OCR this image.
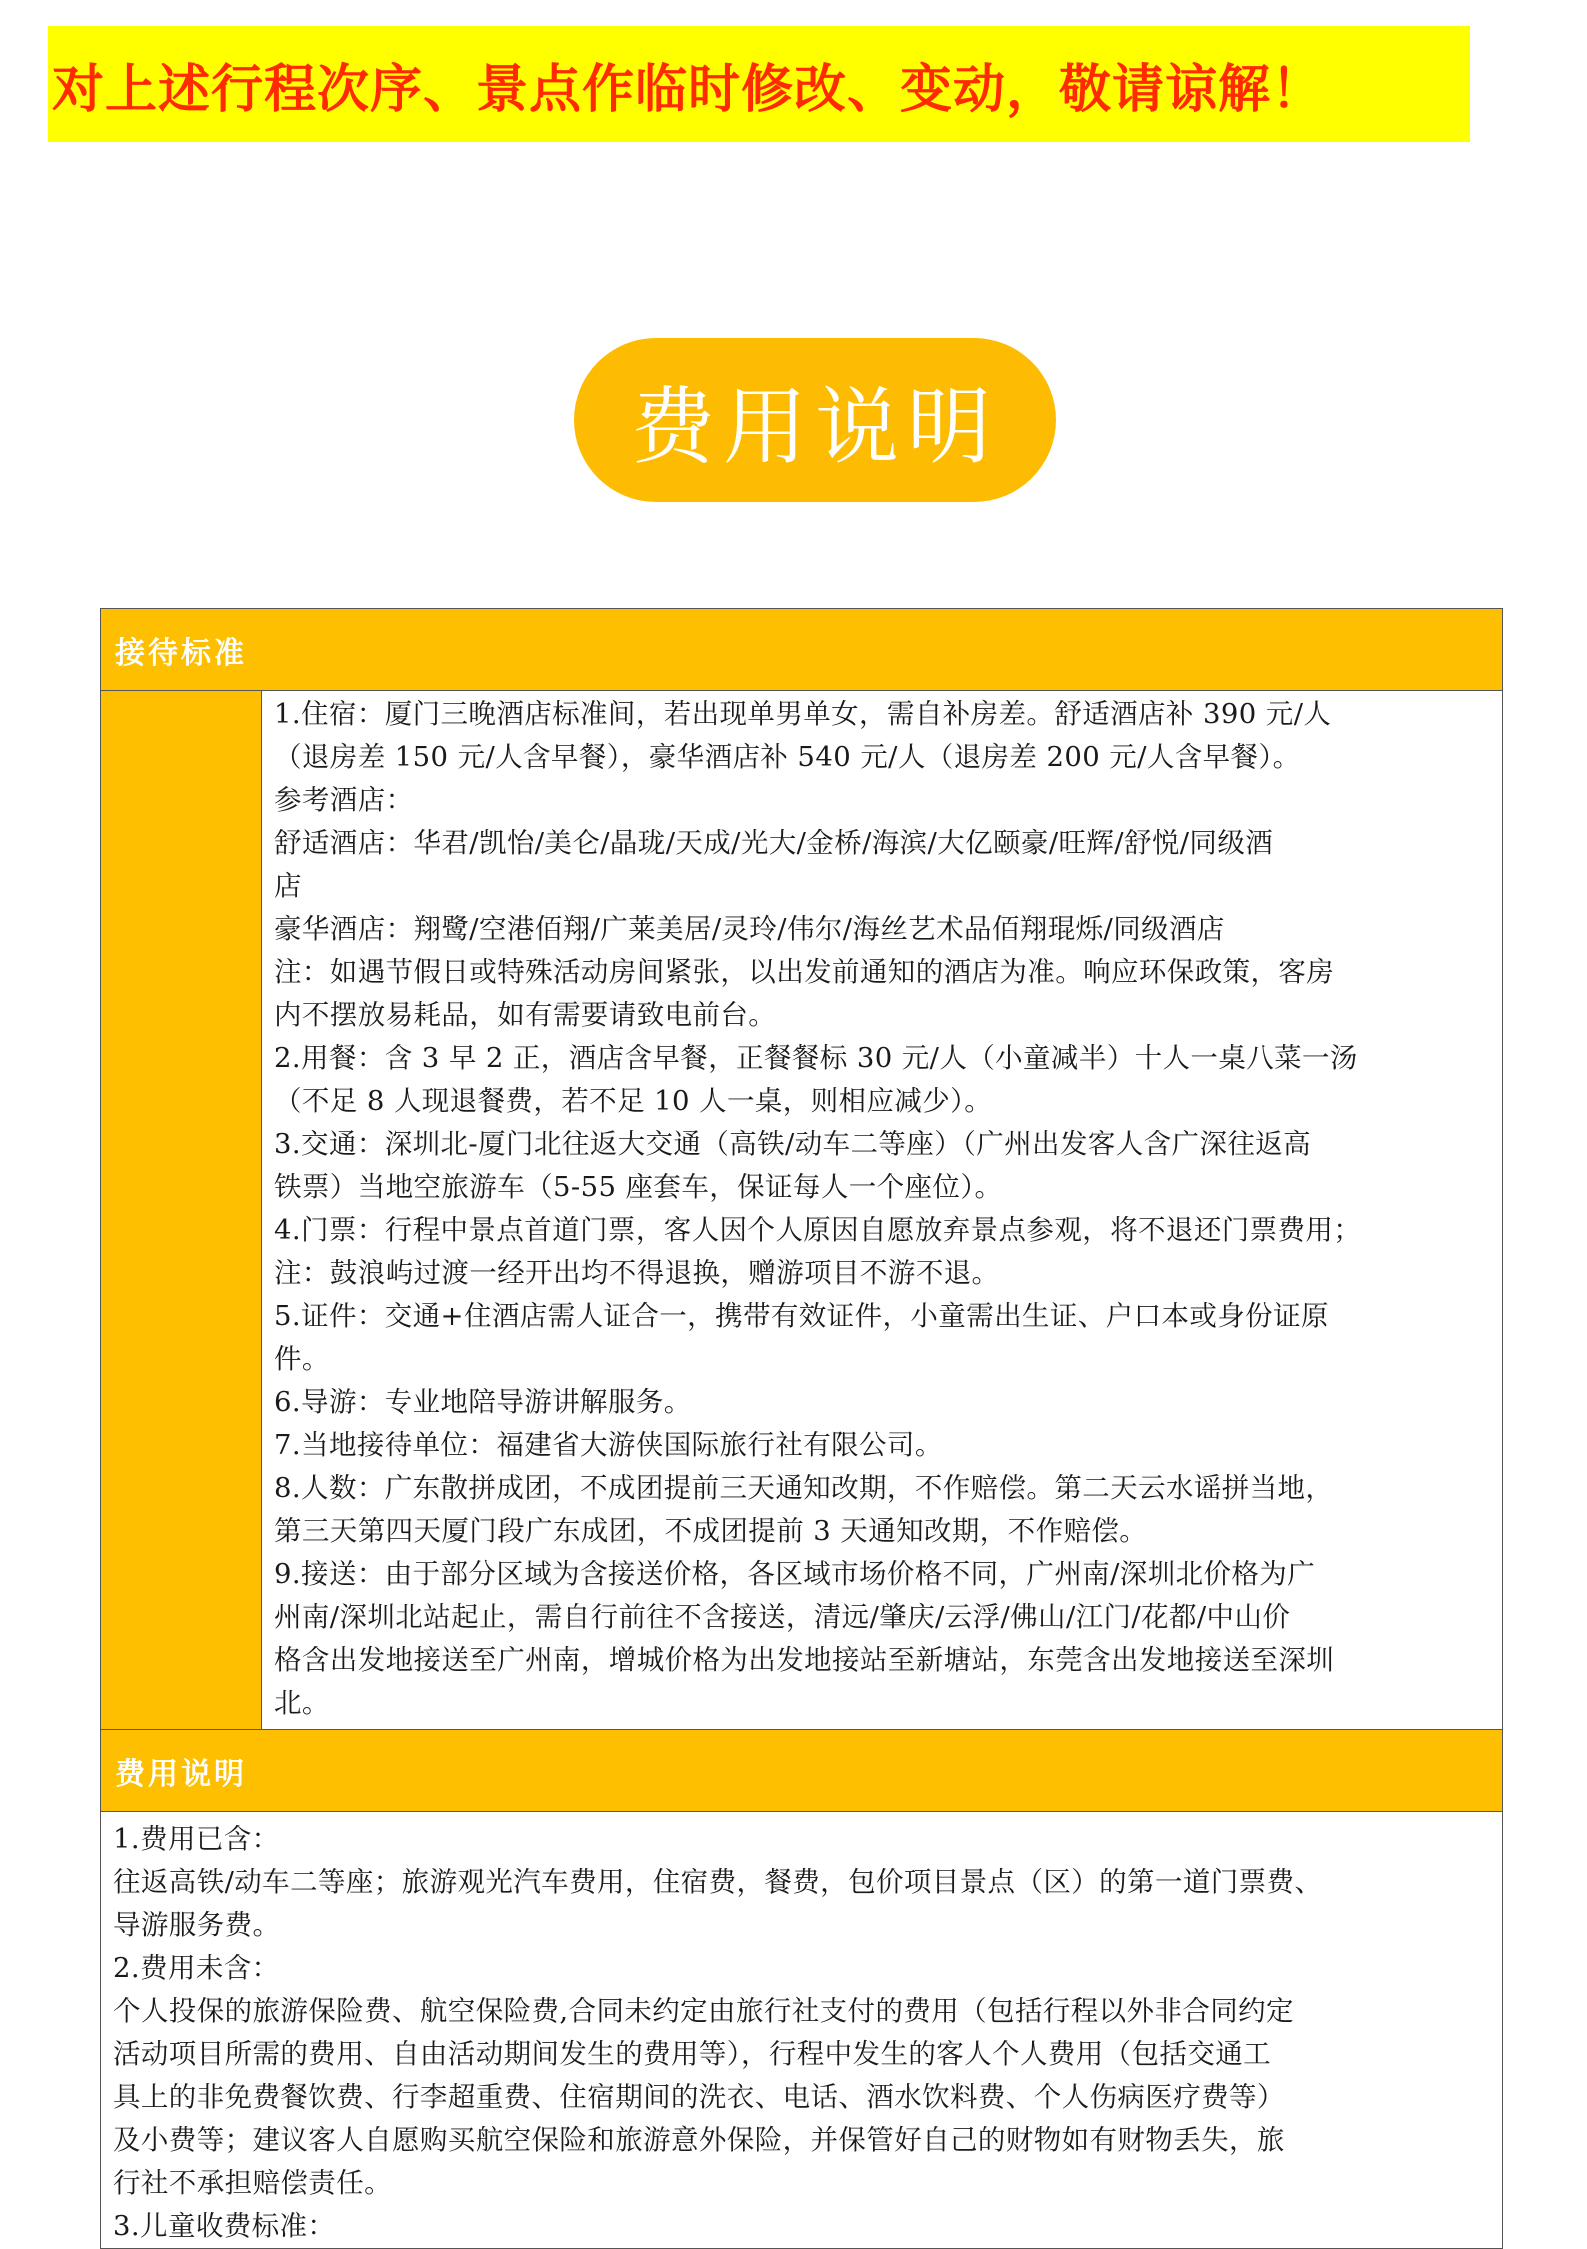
对上述行程次序、景点作临时修改、变动，敬请谅解！
费用说明
接待标准
1.住宿：厦门三晚酒店标准间，若出现单男单女，需自补房差。舒适酒店补 390 元/人
（退房差 150 元/人含早餐），豪华酒店补 540 元/人（退房差 200 元/人含早餐）。
参考酒店：
舒适酒店：华君/凯怡/美仑/晶珑/天成/光大/金桥/海滨/大亿颐豪/旺辉/舒悦/同级酒
店
豪华酒店：翔鹭/空港佰翔/广莱美居/灵玲/伟尔/海丝艺术品佰翔琨烁/同级酒店
注：如遇节假日或特殊活动房间紧张，以出发前通知的酒店为准。响应环保政策，客房
内不摆放易耗品，如有需要请致电前台。
2.用餐：含 3 早 2 正，酒店含早餐，正餐餐标 30 元/人（小童减半）十人一桌八菜一汤
（不足 8 人现退餐费，若不足 10 人一桌，则相应减少）。
3.交通：深圳北-厦门北往返大交通（高铁/动车二等座）（广州出发客人含广深往返高
铁票）当地空旅游车（5-55 座套车，保证每人一个座位）。
4.门票：行程中景点首道门票，客人因个人原因自愿放弃景点参观，将不退还门票费用；
注：鼓浪屿过渡一经开出均不得退换，赠游项目不游不退。
5.证件：交通+住酒店需人证合一，携带有效证件，小童需出生证、户口本或身份证原
件。
6.导游：专业地陪导游讲解服务。
7.当地接待单位：福建省大游侠国际旅行社有限公司。
8.人数：广东散拼成团，不成团提前三天通知改期，不作赔偿。第二天云水谣拼当地，
第三天第四天厦门段广东成团，不成团提前 3 天通知改期，不作赔偿。
9.接送：由于部分区域为含接送价格，各区域市场价格不同，广州南/深圳北价格为广
州南/深圳北站起止，需自行前往不含接送，清远/肇庆/云浮/佛山/江门/花都/中山价
格含出发地接送至广州南，增城价格为出发地接站至新塘站，东莞含出发地接送至深圳
北。
费用说明
1.费用已含：
往返高铁/动车二等座；旅游观光汽车费用，住宿费，餐费，包价项目景点（区）的第一道门票费、
导游服务费。
2.费用未含：
个人投保的旅游保险费、航空保险费,合同未约定由旅行社支付的费用（包括行程以外非合同约定
活动项目所需的费用、自由活动期间发生的费用等），行程中发生的客人个人费用（包括交通工
具上的非免费餐饮费、行李超重费、住宿期间的洗衣、电话、酒水饮料费、个人伤病医疗费等）
及小费等；建议客人自愿购买航空保险和旅游意外保险，并保管好自己的财物如有财物丢失，旅
行社不承担赔偿责任。
3.儿童收费标准：
